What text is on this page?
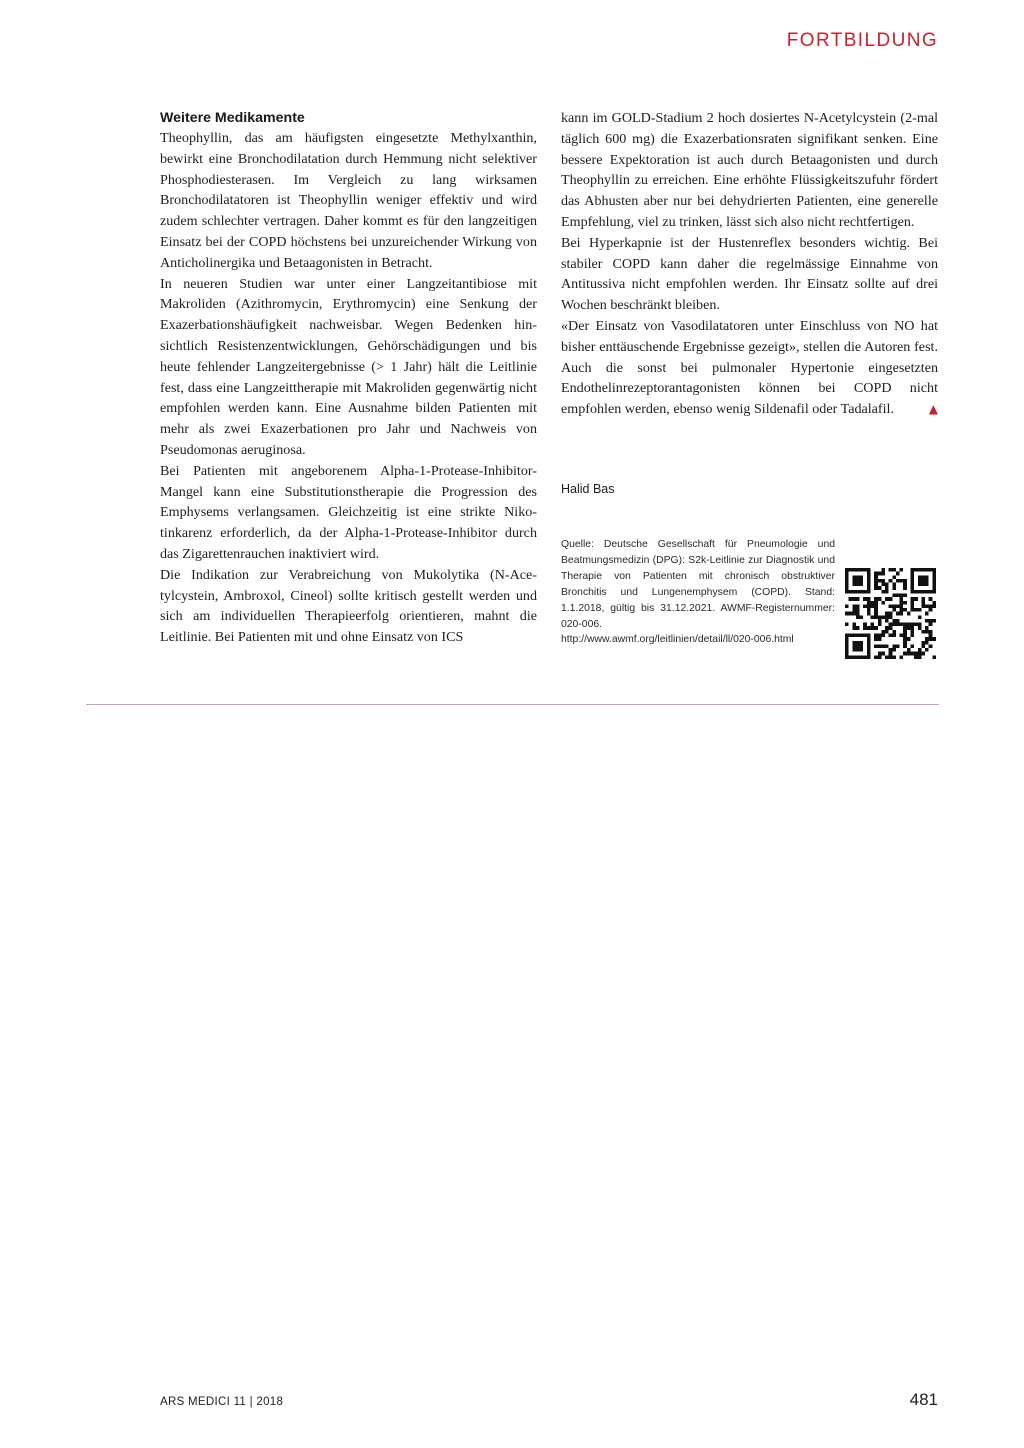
FORTBILDUNG
Weitere Medikamente

Theophyllin, das am häufigsten eingesetzte Methylxanthin, bewirkt eine Bronchodilatation durch Hemmung nicht selektiver Phosphodiesterasen. Im Vergleich zu lang wirksamen Bronchodilatatoren ist Theophyllin weniger effektiv und wird zudem schlechter vertragen. Daher kommt es für den langzeitigen Einsatz bei der COPD höchstens bei unzureichender Wirkung von Anticholinergika und Betaagonisten in Betracht.

In neueren Studien war unter einer Langzeitantibiose mit Makroliden (Azithromycin, Erythromycin) eine Senkung der Exazerbationshäufigkeit nachweisbar. Wegen Bedenken hinsichtlich Resistenzentwicklungen, Gehörschädigungen und bis heute fehlender Langzeitergebnisse (> 1 Jahr) hält die Leitlinie fest, dass eine Langzeittherapie mit Makroliden gegenwärtig nicht empfohlen werden kann. Eine Ausnahme bilden Patienten mit mehr als zwei Exazerbationen pro Jahr und Nachweis von Pseudomonas aeruginosa.

Bei Patienten mit angeborenem Alpha-1-Protease-Inhibitor-Mangel kann eine Substitutionstherapie die Progression des Emphysems verlangsamen. Gleichzeitig ist eine strikte Nikotinkarenz erforderlich, da der Alpha-1-Protease-Inhibitor durch das Zigarettenrauchen inaktiviert wird.

Die Indikation zur Verabreichung von Mukolytika (N-Acetylcystein, Ambroxol, Cineol) sollte kritisch gestellt werden und sich am individuellen Therapieerfolg orientieren, mahnt die Leitlinie. Bei Patienten mit und ohne Einsatz von ICS

kann im GOLD-Stadium 2 hoch dosiertes N-Acetylcystein (2-mal täglich 600 mg) die Exazerbationsraten signifikant senken. Eine bessere Expektoration ist auch durch Betaagonisten und durch Theophyllin zu erreichen. Eine erhöhte Flüssigkeitszufuhr fördert das Abhusten aber nur bei dehydrierten Patienten, eine generelle Empfehlung, viel zu trinken, lässt sich also nicht rechtfertigen.

Bei Hyperkapnie ist der Hustenreflex besonders wichtig. Bei stabiler COPD kann daher die regelmässige Einnahme von Antitussiva nicht empfohlen werden. Ihr Einsatz sollte auf drei Wochen beschränkt bleiben.

«Der Einsatz von Vasodilatatoren unter Einschluss von NO hat bisher enttäuschende Ergebnisse gezeigt», stellen die Autoren fest. Auch die sonst bei pulmonaler Hypertonie eingesetzten Endothelinrezeptorantagonisten können bei COPD nicht empfohlen werden, ebenso wenig Sildenafil oder Tadalafil.	▲

Halid Bas

Quelle: Deutsche Gesellschaft für Pneumologie und Beatmungsmedizin (DPG): S2k-Leitlinie zur Diagnostik und Therapie von Patienten mit chronisch obstruktiver Bronchitis und Lungenemphysem (COPD). Stand: 1.1.2018, gültig bis 31.12.2021. AWMF-Registernummer: 020-006.

http://www.awmf.org/leitlinien/detail/ll/020-006.html

ARS MEDICI 11 | 2018	481
